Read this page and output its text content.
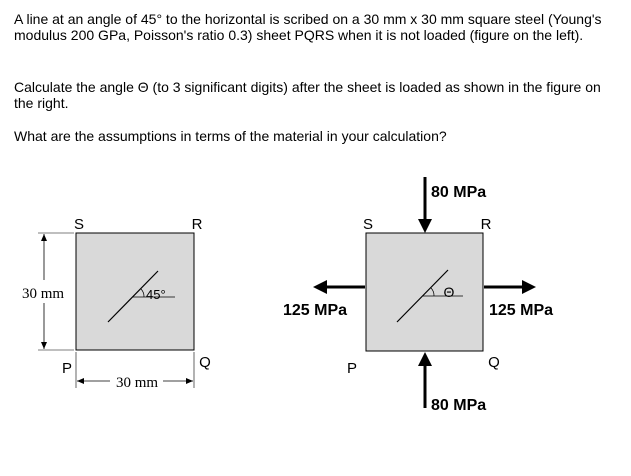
A line at an angle of 45° to the horizontal is scribed on a 30 mm x 30 mm square steel (Young's modulus 200 GPa, Poisson's ratio 0.3) sheet PQRS when it is not loaded (figure on the left).

Calculate the angle Θ (to 3 significant digits) after the sheet is loaded as shown in the figure on the right.

What are the assumptions in terms of the material in your calculation?

45°
S	R
P	Q
30 mm
30 mm
Θ
S	R
P	Q
80 MPa
80 MPa
125 MPa	125 MPa
